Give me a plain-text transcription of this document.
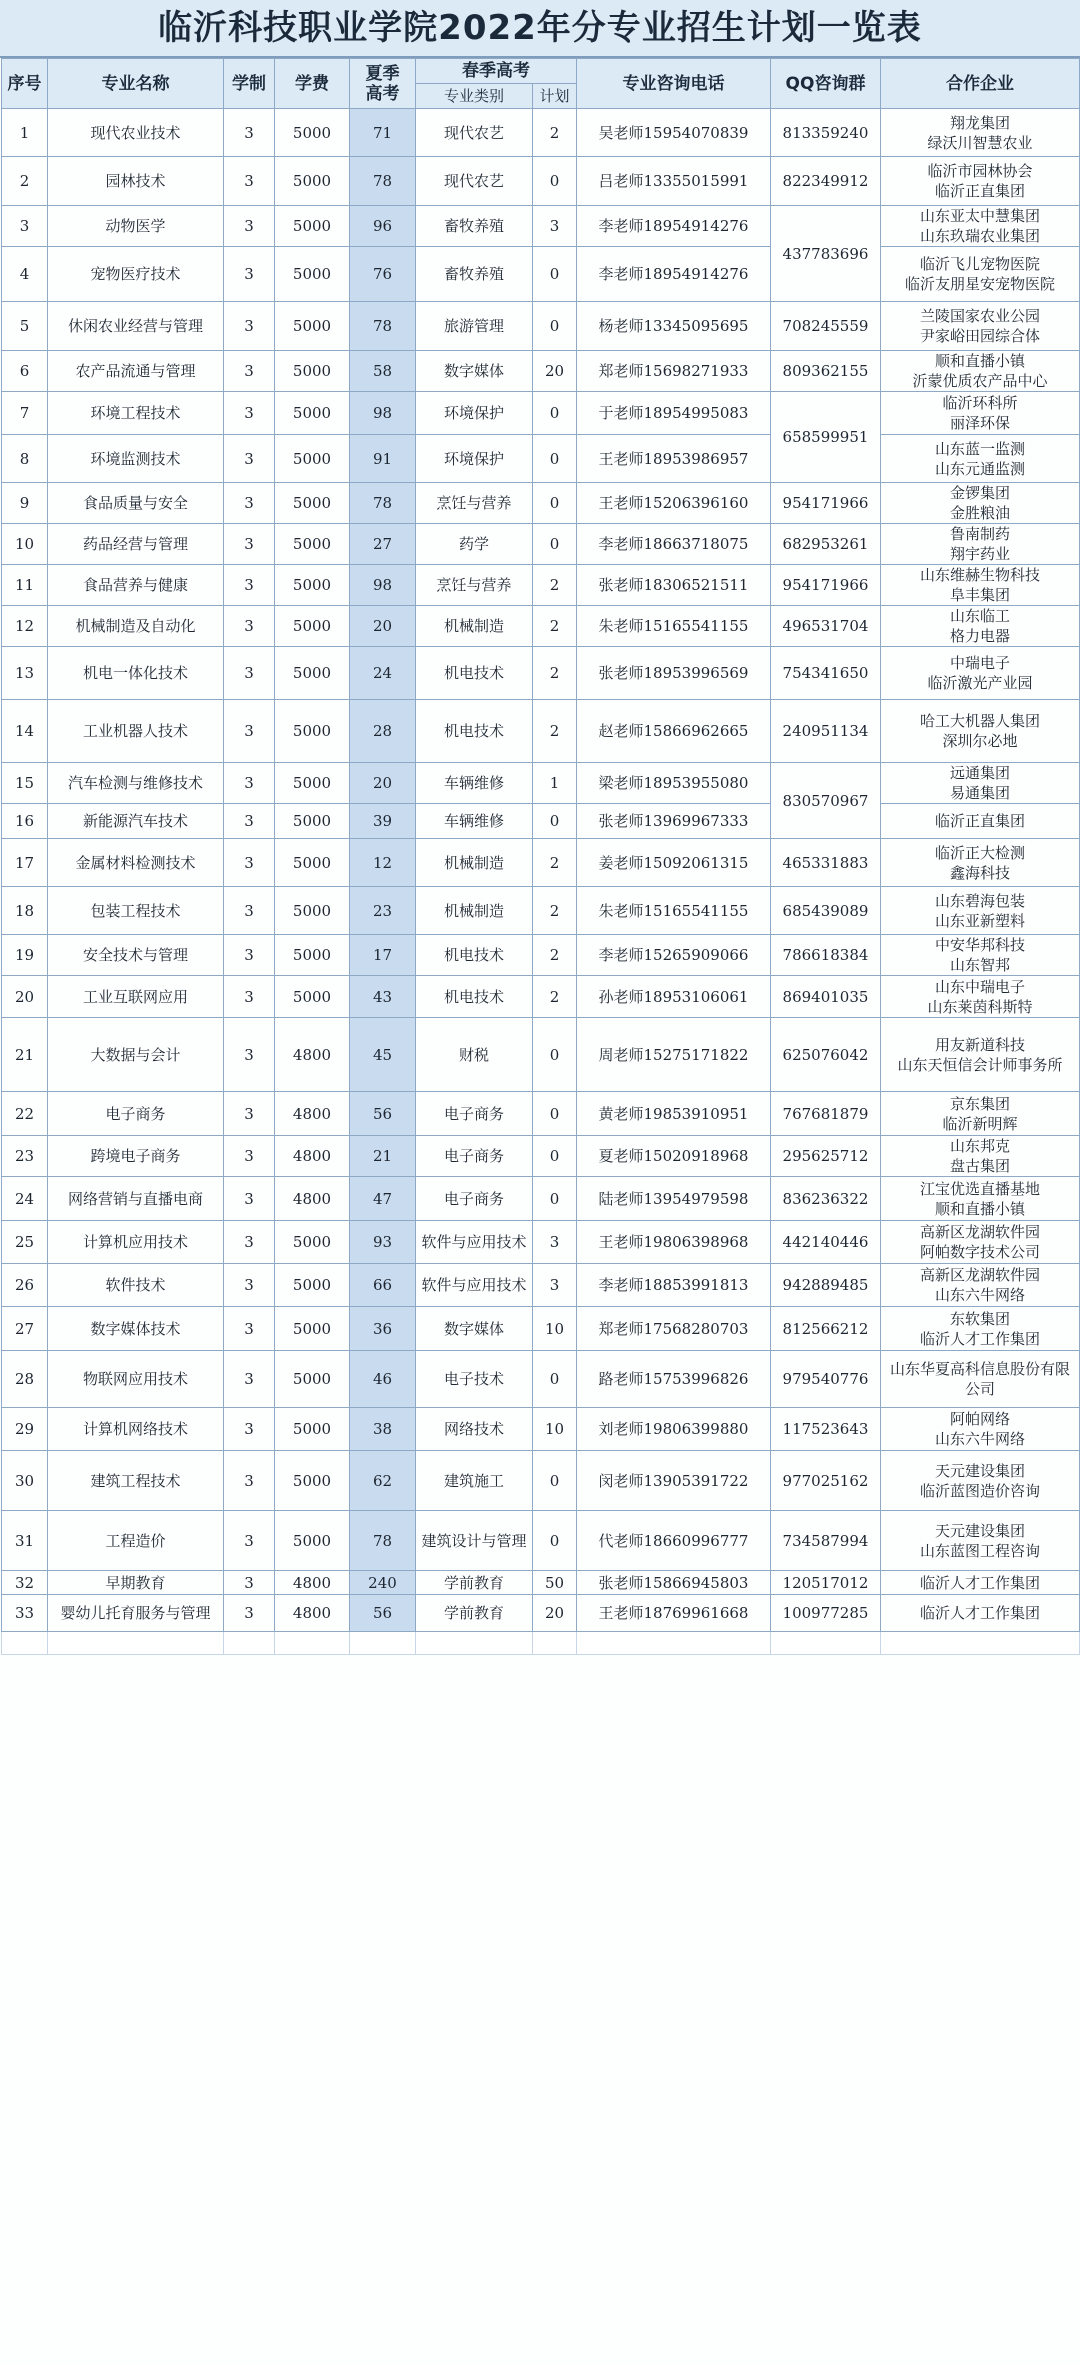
临沂科技职业学院2022年分专业招生计划一览表
序号	专业名称	学制	学费	夏季
高考	春季高考		专业咨询电话	QQ咨询群	合作企业
					专业类别	计划			
1	现代农业技术	3	5000	71	现代农艺	2	吴老师15954070839	813359240	翔龙集团
绿沃川智慧农业

2	园林技术	3	5000	78	现代农艺	0	吕老师13355015991	822349912	临沂市园林协会
临沂正直集团

3	动物医学	3	5000	96	畜牧养殖	3	李老师18954914276	437783696	山东亚太中慧集团
山东玖瑞农业集团

4	宠物医疗技术	3	5000	76	畜牧养殖	0	李老师18954914276		临沂飞儿宠物医院
临沂友朋星安宠物医院

5	休闲农业经营与管理	3	5000	78	旅游管理	0	杨老师13345095695	708245559	兰陵国家农业公园
尹家峪田园综合体

6	农产品流通与管理	3	5000	58	数字媒体	20	郑老师15698271933	809362155	顺和直播小镇
沂蒙优质农产品中心

7	环境工程技术	3	5000	98	环境保护	0	于老师18954995083	658599951	临沂环科所
丽泽环保

8	环境监测技术	3	5000	91	环境保护	0	王老师18953986957		山东蓝一监测
山东元通监测

9	食品质量与安全	3	5000	78	烹饪与营养	0	王老师15206396160	954171966	金锣集团
金胜粮油

10	药品经营与管理	3	5000	27	药学	0	李老师18663718075	682953261	鲁南制药
翔宇药业

11	食品营养与健康	3	5000	98	烹饪与营养	2	张老师18306521511	954171966	山东维赫生物科技
阜丰集团

12	机械制造及自动化	3	5000	20	机械制造	2	朱老师15165541155	496531704	山东临工
格力电器

13	机电一体化技术	3	5000	24	机电技术	2	张老师18953996569	754341650	中瑞电子
临沂激光产业园

14	工业机器人技术	3	5000	28	机电技术	2	赵老师15866962665	240951134	哈工大机器人集团
深圳尔必地

15	汽车检测与维修技术	3	5000	20	车辆维修	1	梁老师18953955080	830570967	远通集团
易通集团

16	新能源汽车技术	3	5000	39	车辆维修	0	张老师13969967333		临沂正直集团

17	金属材料检测技术	3	5000	12	机械制造	2	姜老师15092061315	465331883	临沂正大检测
鑫海科技

18	包装工程技术	3	5000	23	机械制造	2	朱老师15165541155	685439089	山东碧海包装
山东亚新塑料

19	安全技术与管理	3	5000	17	机电技术	2	李老师15265909066	786618384	中安华邦科技
山东智邦

20	工业互联网应用	3	5000	43	机电技术	2	孙老师18953106061	869401035	山东中瑞电子
山东莱茵科斯特

21	大数据与会计	3	4800	45	财税	0	周老师15275171822	625076042	用友新道科技
山东天恒信会计师事务所

22	电子商务	3	4800	56	电子商务	0	黄老师19853910951	767681879	京东集团
临沂新明辉

23	跨境电子商务	3	4800	21	电子商务	0	夏老师15020918968	295625712	山东邦克
盘古集团

24	网络营销与直播电商	3	4800	47	电子商务	0	陆老师13954979598	836236322	江宝优选直播基地
顺和直播小镇

25	计算机应用技术	3	5000	93	软件与应用技术	3	王老师19806398968	442140446	高新区龙湖软件园
阿帕数字技术公司

26	软件技术	3	5000	66	软件与应用技术	3	李老师18853991813	942889485	高新区龙湖软件园
山东六牛网络

27	数字媒体技术	3	5000	36	数字媒体	10	郑老师17568280703	812566212	东软集团
临沂人才工作集团

28	物联网应用技术	3	5000	46	电子技术	0	路老师15753996826	979540776	山东华夏高科信息股份有限公司

29	计算机网络技术	3	5000	38	网络技术	10	刘老师19806399880	117523643	阿帕网络
山东六牛网络

30	建筑工程技术	3	5000	62	建筑施工	0	闵老师13905391722	977025162	天元建设集团
临沂蓝图造价咨询

31	工程造价	3	5000	78	建筑设计与管理	0	代老师18660996777	734587994	天元建设集团
山东蓝图工程咨询

32	早期教育	3	4800	240	学前教育	50	张老师15866945803	120517012	临沂人才工作集团

33	婴幼儿托育服务与管理	3	4800	56	学前教育	20	王老师18769961668	100977285	临沂人才工作集团
